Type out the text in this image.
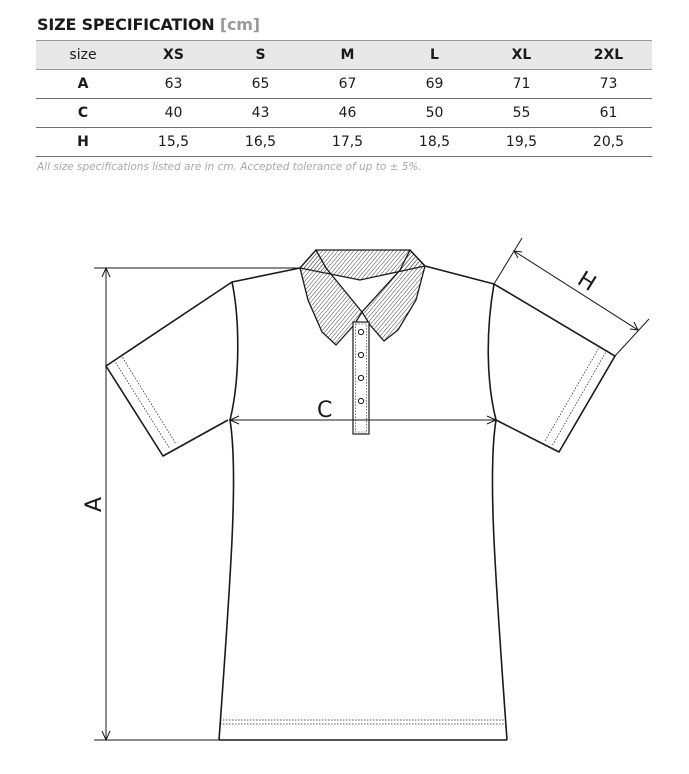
SIZE SPECIFICATION [cm]
size	XS	S	M	L	XL	2XL
A	63	65	67	69	71	73
C	40	43	46	50	55	61
H	15,5	16,5	17,5	18,5	19,5	20,5
All size specifications listed are in cm. Accepted tolerance of up to ± 5%.
A
C
H
